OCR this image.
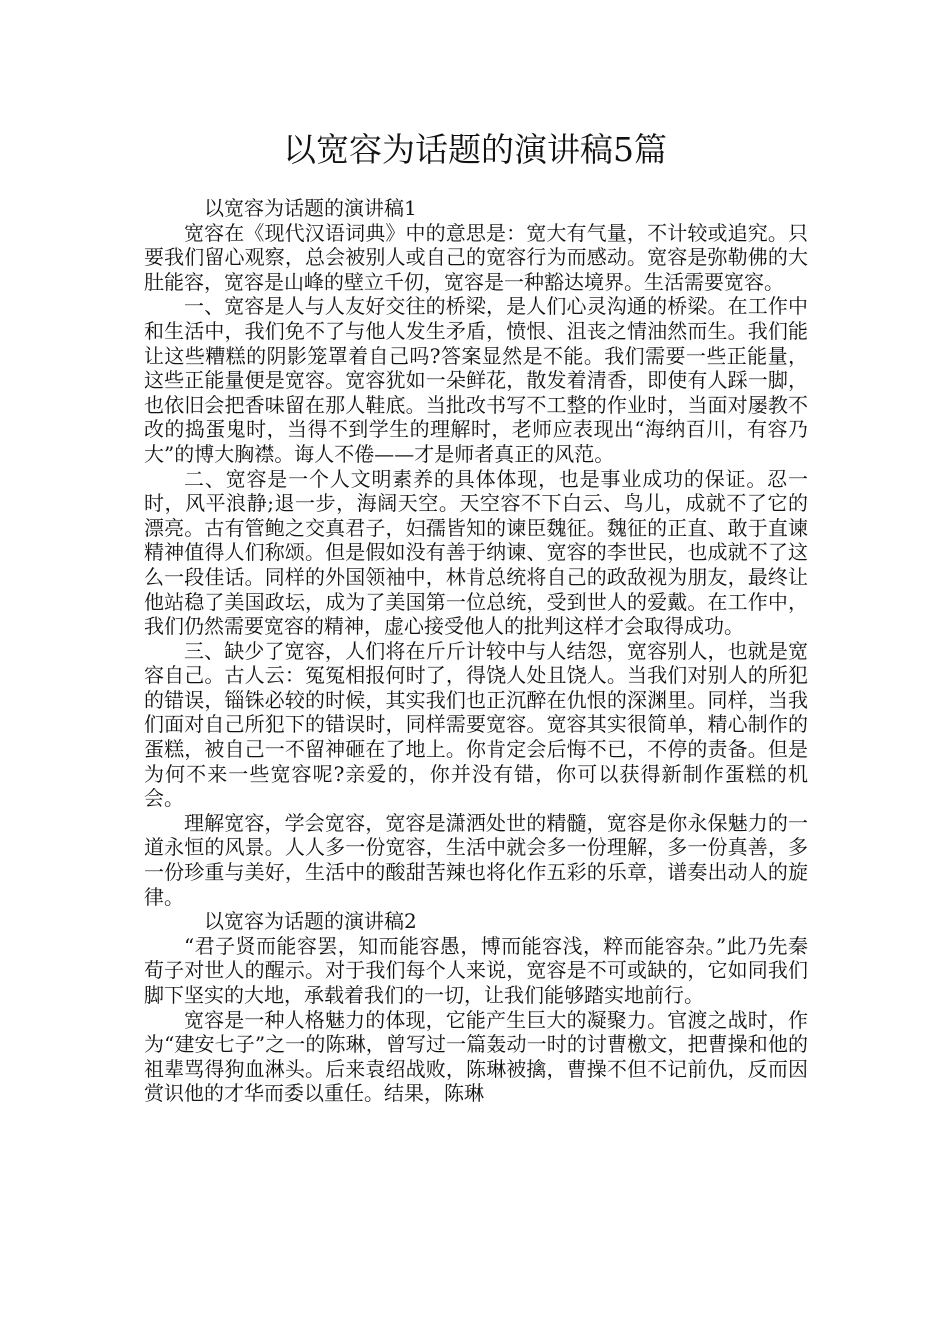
以宽容为话题的演讲稿5篇

以宽容为话题的演讲稿1

宽容在《现代汉语词典》中的意思是：宽大有气量，不计较或追究。只要我们留心观察，总会被别人或自己的宽容行为而感动。宽容是弥勒佛的大肚能容，宽容是山峰的壁立千仞，宽容是一种豁达境界。生活需要宽容。

一、宽容是人与人友好交往的桥梁，是人们心灵沟通的桥梁。在工作中和生活中，我们免不了与他人发生矛盾，愤恨、沮丧之情油然而生。我们能让这些糟糕的阴影笼罩着自己吗?答案显然是不能。我们需要一些正能量，这些正能量便是宽容。宽容犹如一朵鲜花，散发着清香，即使有人踩一脚，也依旧会把香味留在那人鞋底。当批改书写不工整的作业时，当面对屡教不改的捣蛋鬼时，当得不到学生的理解时，老师应表现出“海纳百川，有容乃大”的博大胸襟。诲人不倦——才是师者真正的风范。

二、宽容是一个人文明素养的具体体现，也是事业成功的保证。忍一时，风平浪静;退一步，海阔天空。天空容不下白云、鸟儿，成就不了它的漂亮。古有管鲍之交真君子，妇孺皆知的谏臣魏征。魏征的正直、敢于直谏精神值得人们称颂。但是假如没有善于纳谏、宽容的李世民，也成就不了这么一段佳话。同样的外国领袖中，林肯总统将自己的政敌视为朋友，最终让他站稳了美国政坛，成为了美国第一位总统，受到世人的爱戴。在工作中，我们仍然需要宽容的精神，虚心接受他人的批判这样才会取得成功。

三、缺少了宽容，人们将在斤斤计较中与人结怨，宽容别人，也就是宽容自己。古人云：冤冤相报何时了，得饶人处且饶人。当我们对别人的所犯的错误，锱铢必较的时候，其实我们也正沉醉在仇恨的深渊里。同样，当我们面对自己所犯下的错误时，同样需要宽容。宽容其实很简单，精心制作的蛋糕，被自己一不留神砸在了地上。你肯定会后悔不已，不停的责备。但是为何不来一些宽容呢?亲爱的，你并没有错，你可以获得新制作蛋糕的机会。

理解宽容，学会宽容，宽容是潇洒处世的精髓，宽容是你永保魅力的一道永恒的风景。人人多一份宽容，生活中就会多一份理解，多一份真善，多一份珍重与美好，生活中的酸甜苦辣也将化作五彩的乐章，谱奏出动人的旋律。

以宽容为话题的演讲稿2

“君子贤而能容罢，知而能容愚，博而能容浅，粹而能容杂。”此乃先秦荀子对世人的醒示。对于我们每个人来说，宽容是不可或缺的，它如同我们脚下坚实的大地，承载着我们的一切，让我们能够踏实地前行。

宽容是一种人格魅力的体现，它能产生巨大的凝聚力。官渡之战时，作为“建安七子”之一的陈琳，曾写过一篇轰动一时的讨曹檄文，把曹操和他的祖辈骂得狗血淋头。后来袁绍战败，陈琳被擒，曹操不但不记前仇，反而因赏识他的才华而委以重任。结果，陈琳
